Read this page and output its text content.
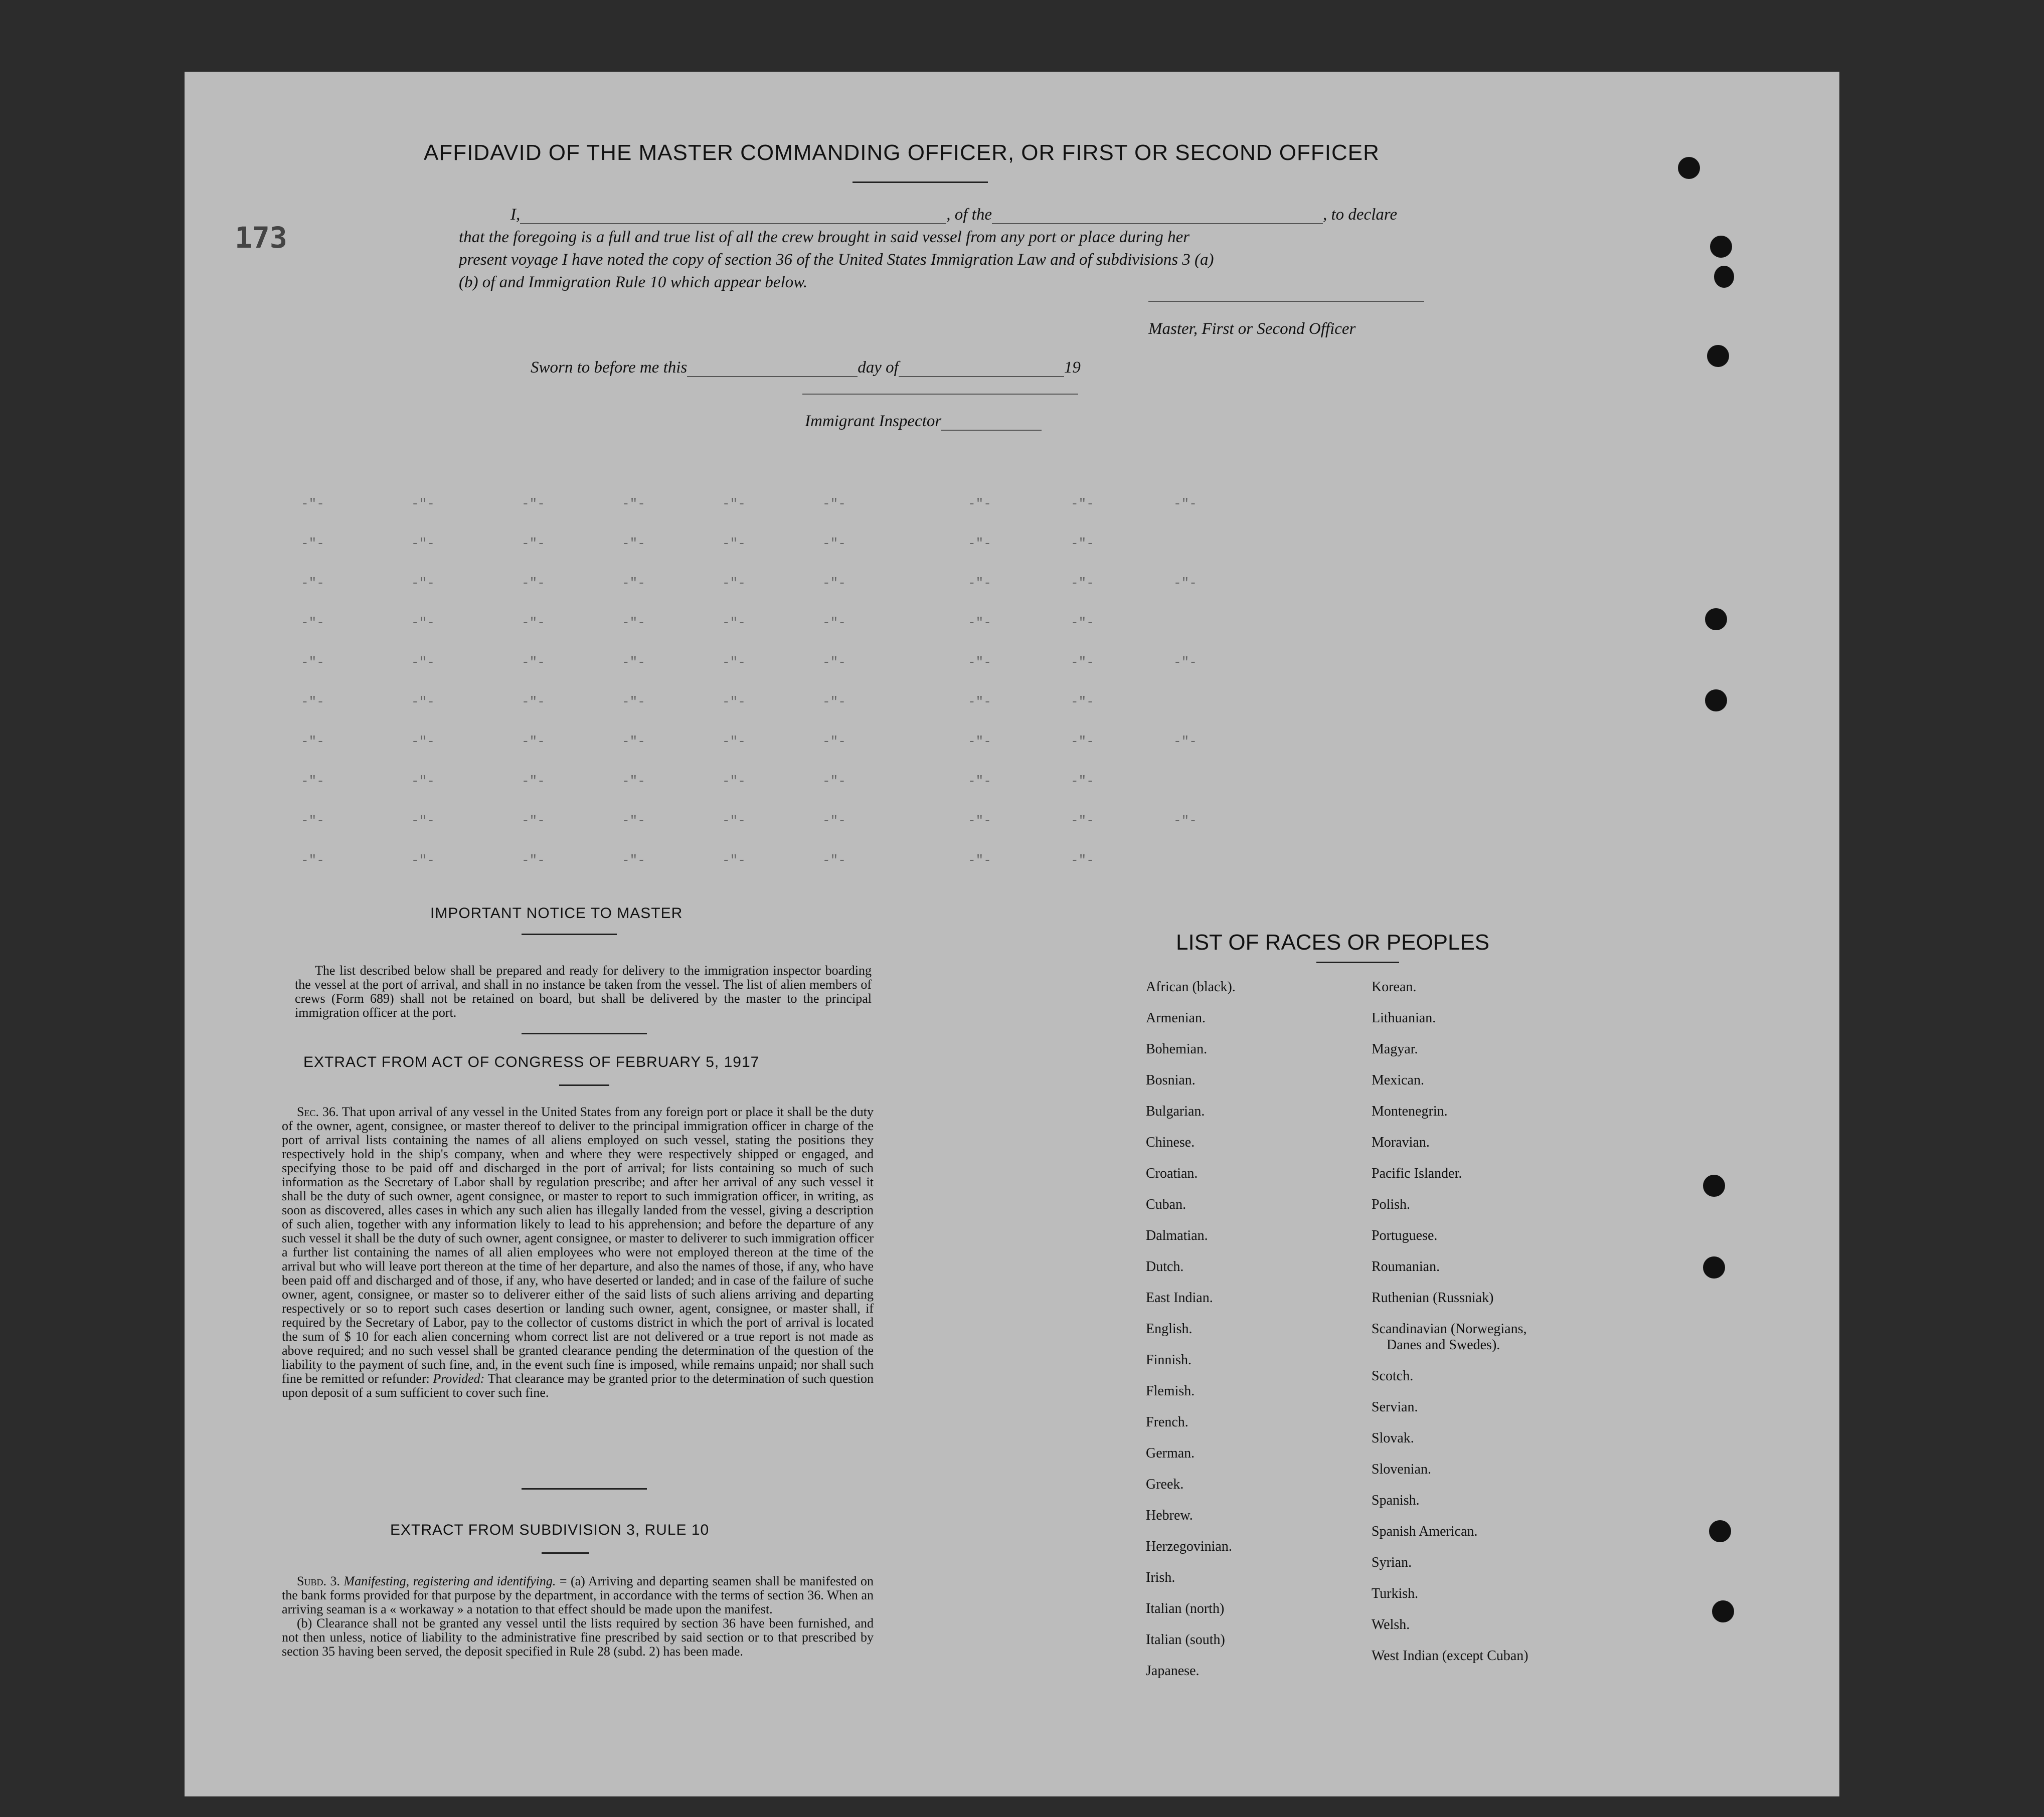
173
AFFIDAVID OF THE MASTER COMMANDING OFFICER, OR FIRST OR SECOND OFFICER
I,	, of the	, to declare
that the foregoing is a full and true list of all the crew brought in said vessel from any port or place during her
present voyage I have noted the copy of section 36 of the United States Immigration Law and of subdivisions 3 (a)
(b) of and Immigration Rule 10 which appear below.
Master, First or Second Officer
Sworn to before me this	day of	19
Immigrant Inspector
-"-	-"-	-"-	-"-	-"-	-"-	-"-	-"-	-"-
-"-	-"-	-"-	-"-	-"-	-"-	-"-	-"-
-"-	-"-	-"-	-"-	-"-	-"-	-"-	-"-	-"-
-"-	-"-	-"-	-"-	-"-	-"-	-"-	-"-
-"-	-"-	-"-	-"-	-"-	-"-	-"-	-"-	-"-
-"-	-"-	-"-	-"-	-"-	-"-	-"-	-"-
-"-	-"-	-"-	-"-	-"-	-"-	-"-	-"-	-"-
-"-	-"-	-"-	-"-	-"-	-"-	-"-	-"-
-"-	-"-	-"-	-"-	-"-	-"-	-"-	-"-	-"-
-"-	-"-	-"-	-"-	-"-	-"-	-"-	-"-
IMPORTANT NOTICE TO MASTER
The list described below shall be prepared and ready for delivery to the immigration inspector boarding the vessel at the port of arrival, and shall in no instance be taken from the vessel. The list of alien members of crews (Form 689) shall not be retained on board, but shall be delivered by the master to the principal immigration officer at the port.
EXTRACT FROM ACT OF CONGRESS OF FEBRUARY 5, 1917
Sec. 36. That upon arrival of any vessel in the United States from any foreign port or place it shall be the duty of the owner, agent, consignee, or master thereof to deliver to the principal immigration officer in charge of the port of arrival lists containing the names of all aliens employed on such vessel, stating the positions they respectively hold in the ship's company, when and where they were respectively shipped or engaged, and specifying those to be paid off and discharged in the port of arrival; for lists containing so much of such information as the Secretary of Labor shall by regulation prescribe; and after her arrival of any such vessel it shall be the duty of such owner, agent consignee, or master to report to such immigration officer, in writing, as soon as discovered, alles cases in which any such alien has illegally landed from the vessel, giving a description of such alien, together with any information likely to lead to his apprehension; and before the departure of any such vessel it shall be the duty of such owner, agent consignee, or master to deliverer to such immigration officer a further list containing the names of all alien employees who were not employed thereon at the time of the arrival but who will leave port thereon at the time of her departure, and also the names of those, if any, who have been paid off and discharged and of those, if any, who have deserted or landed; and in case of the failure of suche owner, agent, consignee, or master so to deliverer either of the said lists of such aliens arriving and departing respectively or so to report such cases desertion or landing such owner, agent, consignee, or master shall, if required by the Secretary of Labor, pay to the collector of customs district in which the port of arrival is located the sum of $ 10 for each alien concerning whom correct list are not delivered or a true report is not made as above required; and no such vessel shall be granted clearance pending the determination of the question of the liability to the payment of such fine, and, in the event such fine is imposed, while remains unpaid; nor shall such fine be remitted or refunder: Provided: That clearance may be granted prior to the determination of such question upon deposit of a sum sufficient to cover such fine.
EXTRACT FROM SUBDIVISION 3, RULE 10

Subd. 3. Manifesting, registering and identifying. = (a) Arriving and departing seamen shall be manifested on the bank forms provided for that purpose by the department, in accordance with the terms of section 36. When an arriving seaman is a « workaway » a notation to that effect should be made upon the manifest.

(b) Clearance shall not be granted any vessel until the lists required by section 36 have been furnished, and not then unless, notice of liability to the administrative fine prescribed by said section or to that prescribed by section 35 having been served, the deposit specified in Rule 28 (subd. 2) has been made.

LIST OF RACES OR PEOPLES
African (black).
Armenian.
Bohemian.
Bosnian.
Bulgarian.
Chinese.
Croatian.
Cuban.
Dalmatian.
Dutch.
East Indian.
English.
Finnish.
Flemish.
French.
German.
Greek.
Hebrew.
Herzegovinian.
Irish.
Italian (north)
Italian (south)
Japanese.
Korean.
Lithuanian.
Magyar.
Mexican.
Montenegrin.
Moravian.
Pacific Islander.
Polish.
Portuguese.
Roumanian.
Ruthenian (Russniak)
Scandinavian (Norwegians,
Danes and Swedes).
Scotch.
Servian.
Slovak.
Slovenian.
Spanish.
Spanish American.
Syrian.
Turkish.
Welsh.
West Indian (except Cuban)
